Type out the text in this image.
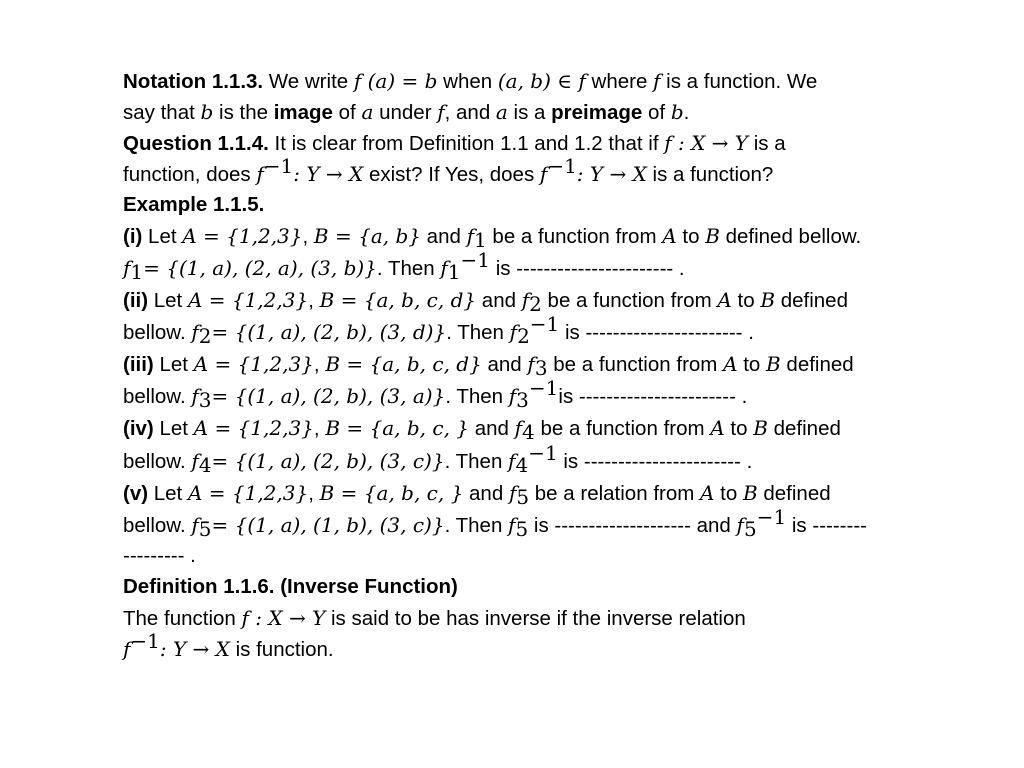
Notation 1.1.3. We write f (a) = b when (a, b) ∈ f where f is a function. We
say that b is the image of a under f, and a is a preimage of b.
Question 1.1.4. It is clear from Definition 1.1 and 1.2 that if f : X → Y is a
function, does $f^{-1}$: Y → X exist? If Yes, does $f^{-1}$: Y → X is a function?
Example 1.1.5.
(i) Let A = {1,2,3}, B = {a, b} and $f_1$ be a function from A to B defined bellow.
$f_1= \{(1$, a), (2, a), (3, b)}. Then $f_1^{-1}$ is ----------------------- .
(ii) Let A = {1,2,3}, B = {a, b, c, d} and $f_2$ be a function from A to B defined
bellow. $f_2= \{(1$, a), (2, b), (3, d)}. Then $f_2^{-1}$ is ----------------------- .
(iii) Let A = {1,2,3}, B = {a, b, c, d} and $f_3$ be a function from A to B defined
bellow. $f_3= \{(1$, a), (2, b), (3, a)}. Then $f_3^{-1}is$ ----------------------- .
(iv) Let A = {1,2,3}, B = {a, b, c, } and $f_4$ be a function from A to B defined
bellow. $f_4= \{(1$, a), (2, b), (3, c)}. Then $f_4^{-1}$ is ----------------------- .
(v) Let A = {1,2,3}, B = {a, b, c, } and $f_5$ be a relation from A to B defined
bellow. $f_5= \{(1$, a), (1, b), (3, c)}. Then $f_5$ is -------------------- and $f_5^{-1}$ is --------
--------- .
Definition 1.1.6. (Inverse Function)
The function f : X → Y is said to be has inverse if the inverse relation
$f^{-1}$: Y → X is function.
